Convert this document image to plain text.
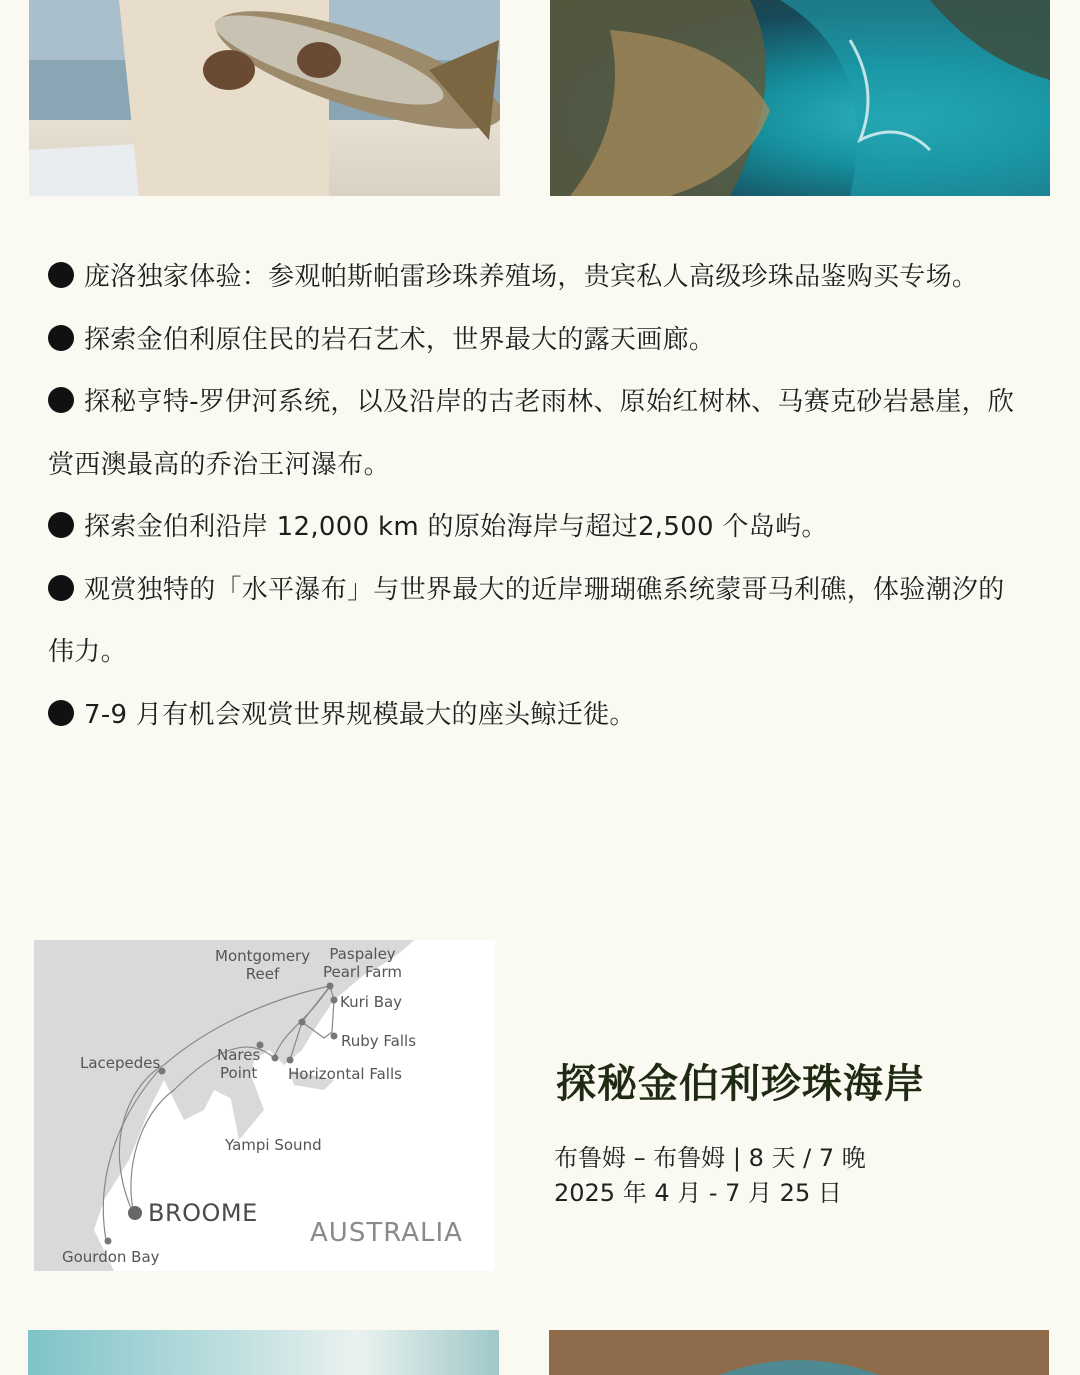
庞洛独家体验：参观帕斯帕雷珍珠养殖场，贵宾私人高级珍珠品鉴购买专场。
探索金伯利原住民的岩石艺术，世界最大的露天画廊。
探秘亨特-罗伊河系统，以及沿岸的古老雨林、原始红树林、马赛克砂岩悬崖，欣赏西澳最高的乔治王河瀑布。
探索金伯利沿岸 12,000 km 的原始海岸与超过2,500 个岛屿。
观赏独特的「水平瀑布」与世界最大的近岸珊瑚礁系统蒙哥马利礁，体验潮汐的伟力。
7-9 月有机会观赏世界规模最大的座头鲸迁徙。
Montgomery
Reef
Paspaley
Pearl Farm
Kuri Bay
Ruby Falls
Lacepedes	Nares
Point Horizontal Falls
Yampi Sound
BROOME
AUSTRALIA
Gourdon Bay
探秘金伯利珍珠海岸
布鲁姆 – 布鲁姆 | 8 天 / 7 晚
2025 年 4 月 - 7 月 25 日
